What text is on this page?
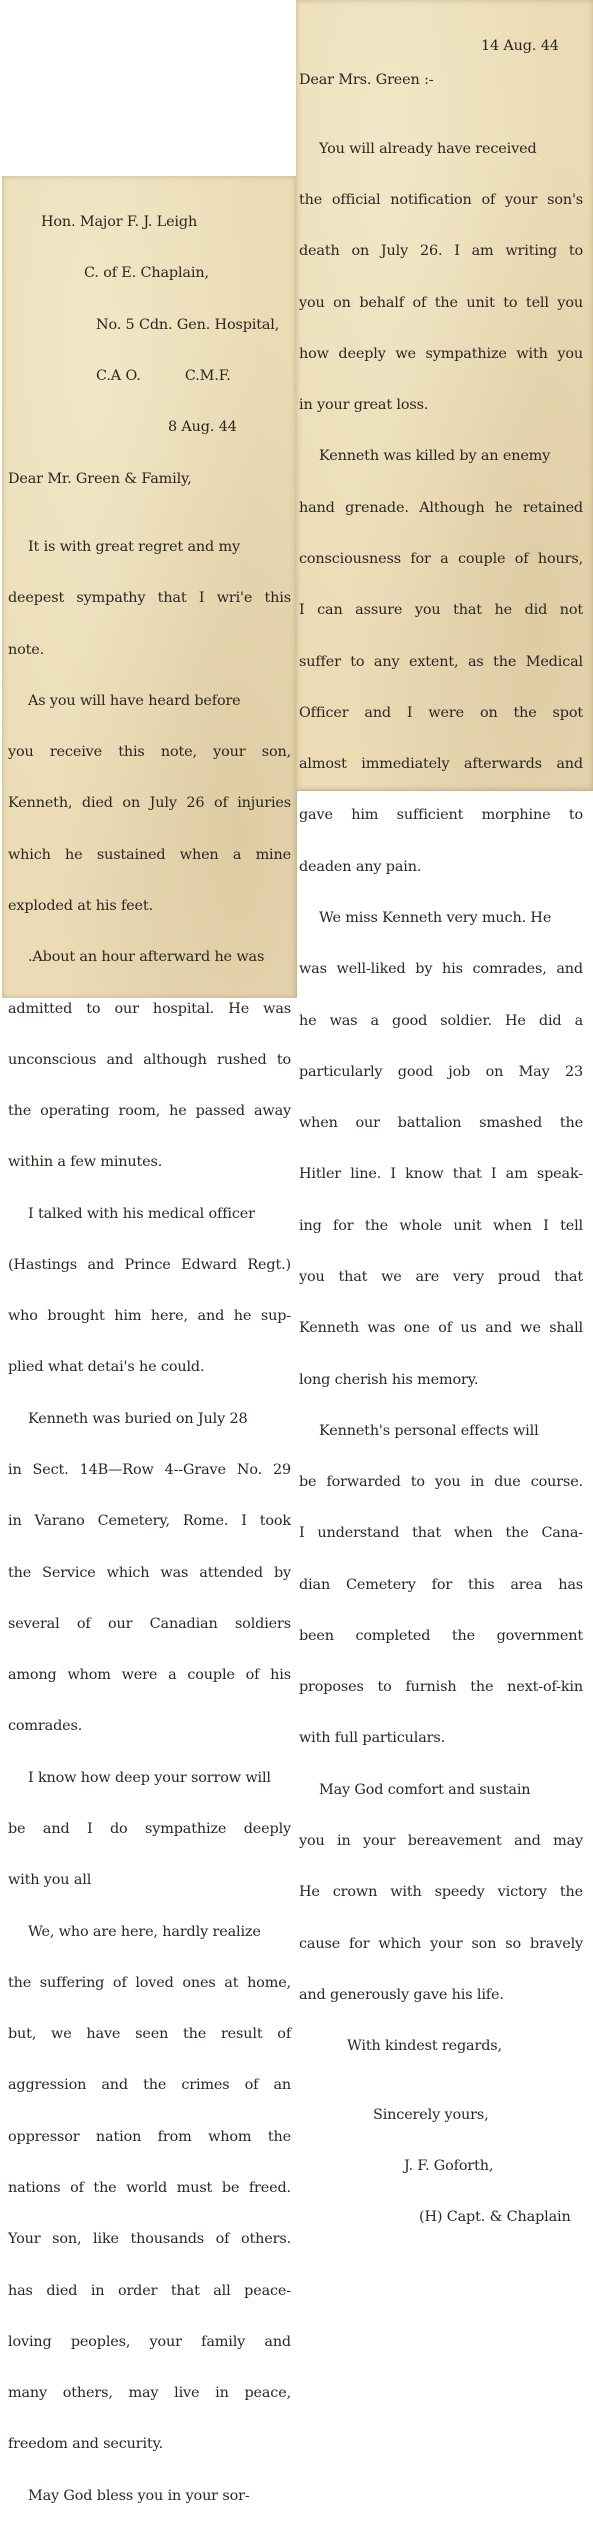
Hon. Major F. J. Leigh

C. of E. Chaplain,

No. 5 Cdn. Gen. Hospital,

C.A O.          C.M.F.

8 Aug. 44

Dear Mr. Green & Family,

It is with great regret and my

deepest sympathy that I wri'e this

note.

As you will have heard before

you receive this note, your son,

Kenneth, died on July 26 of injuries

which he sustained when a mine

exploded at his feet.

.About an hour afterward he was

admitted to our hospital. He was

unconscious and although rushed to

the operating room, he passed away

within a few minutes.

I talked with his medical officer

(Hastings and Prince Edward Regt.)

who brought him here, and he sup-

plied what detai's he could.

Kenneth was buried on July 28

in Sect. 14B—Row 4--Grave No. 29

in Varano Cemetery, Rome. I took

the Service which was attended by

several of our Canadian soldiers

among whom were a couple of his

comrades.

I know how deep your sorrow will

be and I do sympathize deeply

with you all

We, who are here, hardly realize

the suffering of loved ones at home,

but, we have seen the result of

aggression and the crimes of an

oppressor nation from whom the

nations of the world must be freed.

Your son, like thousands of others.

has died in order that all peace-

loving peoples, your family and

many others, may live in peace,

freedom and security.

May God bless you in your sor-

14 Aug. 44

Dear Mrs. Green :-

You will already have received

the official notification of your son's

death on July 26. I am writing to

you on behalf of the unit to tell you

how deeply we sympathize with you

in your great loss.

Kenneth was killed by an enemy

hand grenade. Although he retained

consciousness for a couple of hours,

I can assure you that he did not

suffer to any extent, as the Medical

Officer and I were on the spot

almost immediately afterwards and

gave him sufficient morphine to

deaden any pain.

We miss Kenneth very much. He

was well-liked by his comrades, and

he was a good soldier. He did a

particularly good job on May 23

when our battalion smashed the

Hitler line. I know that I am speak-

ing for the whole unit when I tell

you that we are very proud that

Kenneth was one of us and we shall

long cherish his memory.

Kenneth's personal effects will

be forwarded to you in due course.

I understand that when the Cana-

dian Cemetery for this area has

been completed the government

proposes to furnish the next-of-kin

with full particulars.

May God comfort and sustain

you in your bereavement and may

He crown with speedy victory the

cause for which your son so bravely

and generously gave his life.

With kindest regards,

Sincerely yours,

J. F. Goforth,

(H) Capt. & Chaplain
